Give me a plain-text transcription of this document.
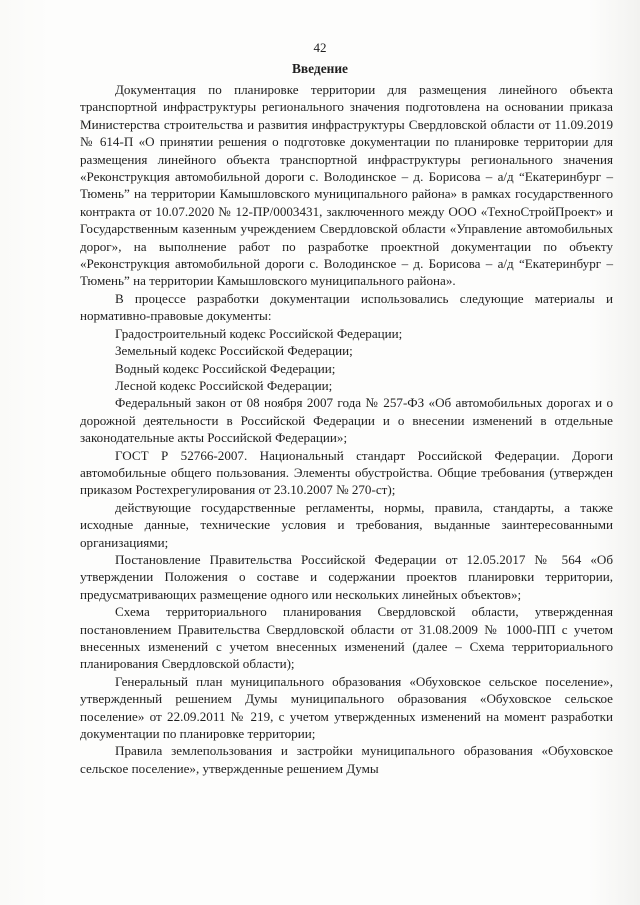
42
Введение

Документация по планировке территории для размещения линейного объекта транспортной инфраструктуры регионального значения подготовлена на основании приказа Министерства строительства и развития инфраструктуры Свердловской области от 11.09.2019 № 614-П «О принятии решения о подготовке документации по планировке территории для размещения линейного объекта транспортной инфраструктуры регионального значения «Реконструкция автомобильной дороги с. Володинское – д. Борисова – а/д “Екатеринбург – Тюмень” на территории Камышловского муниципального района» в рамках государственного контракта от 10.07.2020 № 12-ПР/0003431, заключенного между ООО «ТехноСтройПроект» и Государственным казенным учреждением Свердловской области «Управление автомобильных дорог», на выполнение работ по разработке проектной документации по объекту «Реконструкция автомобильной дороги с. Володинское – д. Борисова – а/д “Екатеринбург – Тюмень” на территории Камышловского муниципального района».

В процессе разработки документации использовались следующие материалы и нормативно-правовые документы:

Градостроительный кодекс Российской Федерации;

Земельный кодекс Российской Федерации;

Водный кодекс Российской Федерации;

Лесной кодекс Российской Федерации;

Федеральный закон от 08 ноября 2007 года № 257-ФЗ «Об автомобильных дорогах и о дорожной деятельности в Российской Федерации и о внесении изменений в отдельные законодательные акты Российской Федерации»;

ГОСТ Р 52766-2007. Национальный стандарт Российской Федерации. Дороги автомобильные общего пользования. Элементы обустройства. Общие требования (утвержден приказом Ростехрегулирования от 23.10.2007 № 270-ст);

действующие государственные регламенты, нормы, правила, стандарты, а также исходные данные, технические условия и требования, выданные заинтересованными организациями;

Постановление Правительства Российской Федерации от 12.05.2017 № 564 «Об утверждении Положения о составе и содержании проектов планировки территории, предусматривающих размещение одного или нескольких линейных объектов»;

Схема территориального планирования Свердловской области, утвержденная постановлением Правительства Свердловской области от 31.08.2009 № 1000-ПП с учетом внесенных изменений с учетом внесенных изменений (далее – Схема территориального планирования Свердловской области);

Генеральный план муниципального образования «Обуховское сельское поселение», утвержденный решением Думы муниципального образования «Обуховское сельское поселение» от 22.09.2011 № 219, с учетом утвержденных изменений на момент разработки документации по планировке территории;

Правила землепользования и застройки муниципального образования «Обуховское сельское поселение», утвержденные решением Думы
